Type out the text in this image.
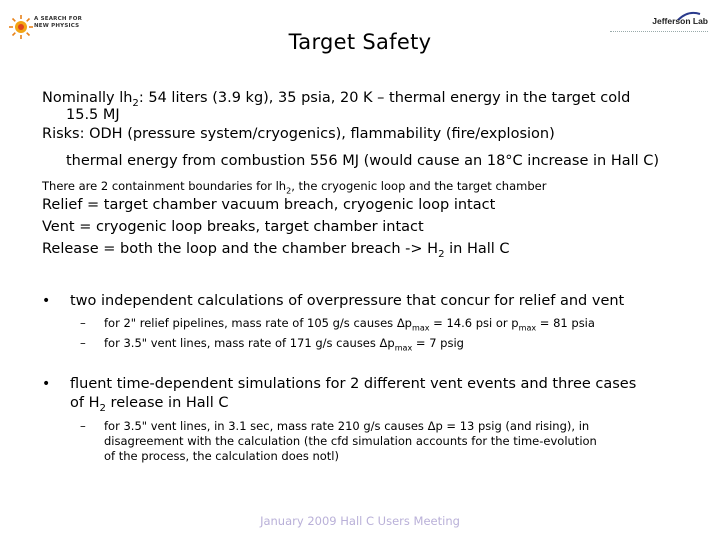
A SEARCH FOR
NEW PHYSICS	Jefferson Lab
Target Safety
Nominally $lh_2$: 54 liters (3.9 kg), 35 psia, 20 K – thermal energy in the target cold
15.5 MJ
Risks: ODH (pressure system/cryogenics), flammability (fire/explosion)
thermal energy from combustion 556 MJ (would cause an 18°C increase in Hall C)
There are 2 containment boundaries for $lh_2$, the cryogenic loop and the target chamber
Relief = target chamber vacuum breach, cryogenic loop intact
Vent = cryogenic loop breaks, target chamber intact
Release = both the loop and the chamber breach -> $H_2$ in Hall C
• two independent calculations of overpressure that concur for relief and vent
– for 2" relief pipelines, mass rate of 105 g/s causes $\Delta p_{max} = 14.6$ psi or $p_{max} = 81$ psia
– for 3.5" vent lines, mass rate of 171 g/s causes $\Delta p_{max} = 7$ psig
• fluent time-dependent simulations for 2 different vent events and three cases
of $H_2$ release in Hall C
– for 3.5" vent lines, in 3.1 sec, mass rate 210 g/s causes Δp = 13 psig (and rising), in
disagreement with the calculation (the cfd simulation accounts for the time-evolution
of the process, the calculation does notl)
January 2009 Hall C Users Meeting
